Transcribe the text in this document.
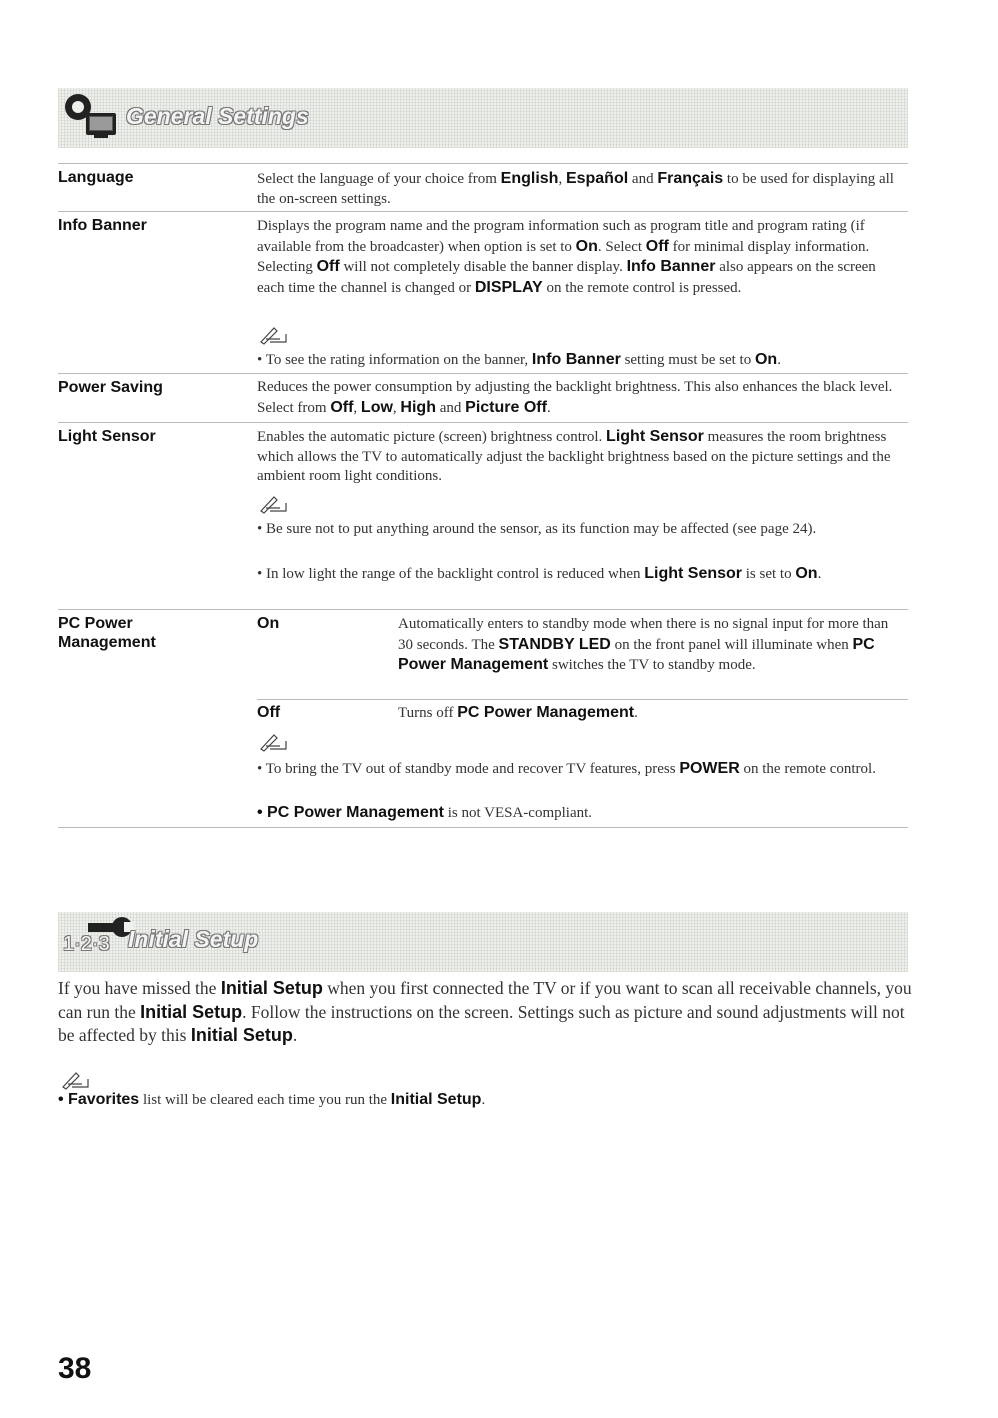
General Settings
Language	Select the language of your choice from English, Español and Français to be used for displaying all the on-screen settings.
Info Banner	Displays the program name and the program information such as program title and program rating (if available from the broadcaster) when option is set to On. Select Off for minimal display information. Selecting Off will not completely disable the banner display. Info Banner also appears on the screen each time the channel is changed or DISPLAY on the remote control is pressed.
• To see the rating information on the banner, Info Banner setting must be set to On.
Power Saving	Reduces the power consumption by adjusting the backlight brightness. This also enhances the black level. Select from Off, Low, High and Picture Off.
Light Sensor	Enables the automatic picture (screen) brightness control. Light Sensor measures the room brightness which allows the TV to automatically adjust the backlight brightness based on the picture settings and the ambient room light conditions.
• Be sure not to put anything around the sensor, as its function may be affected (see page 24).
• In low light the range of the backlight control is reduced when Light Sensor is set to On.
PC Power
Management
On	Automatically enters to standby mode when there is no signal input for more than 30 seconds. The STANDBY LED on the front panel will illuminate when PC Power Management switches the TV to standby mode.
Off	Turns off PC Power Management.
• To bring the TV out of standby mode and recover TV features, press POWER on the remote control.
• PC Power Management is not VESA-compliant.
1·2·3 Initial Setup
If you have missed the Initial Setup when you first connected the TV or if you want to scan all receivable channels, you can run the Initial Setup. Follow the instructions on the screen. Settings such as picture and sound adjustments will not be affected by this Initial Setup.
• Favorites list will be cleared each time you run the Initial Setup.
38
